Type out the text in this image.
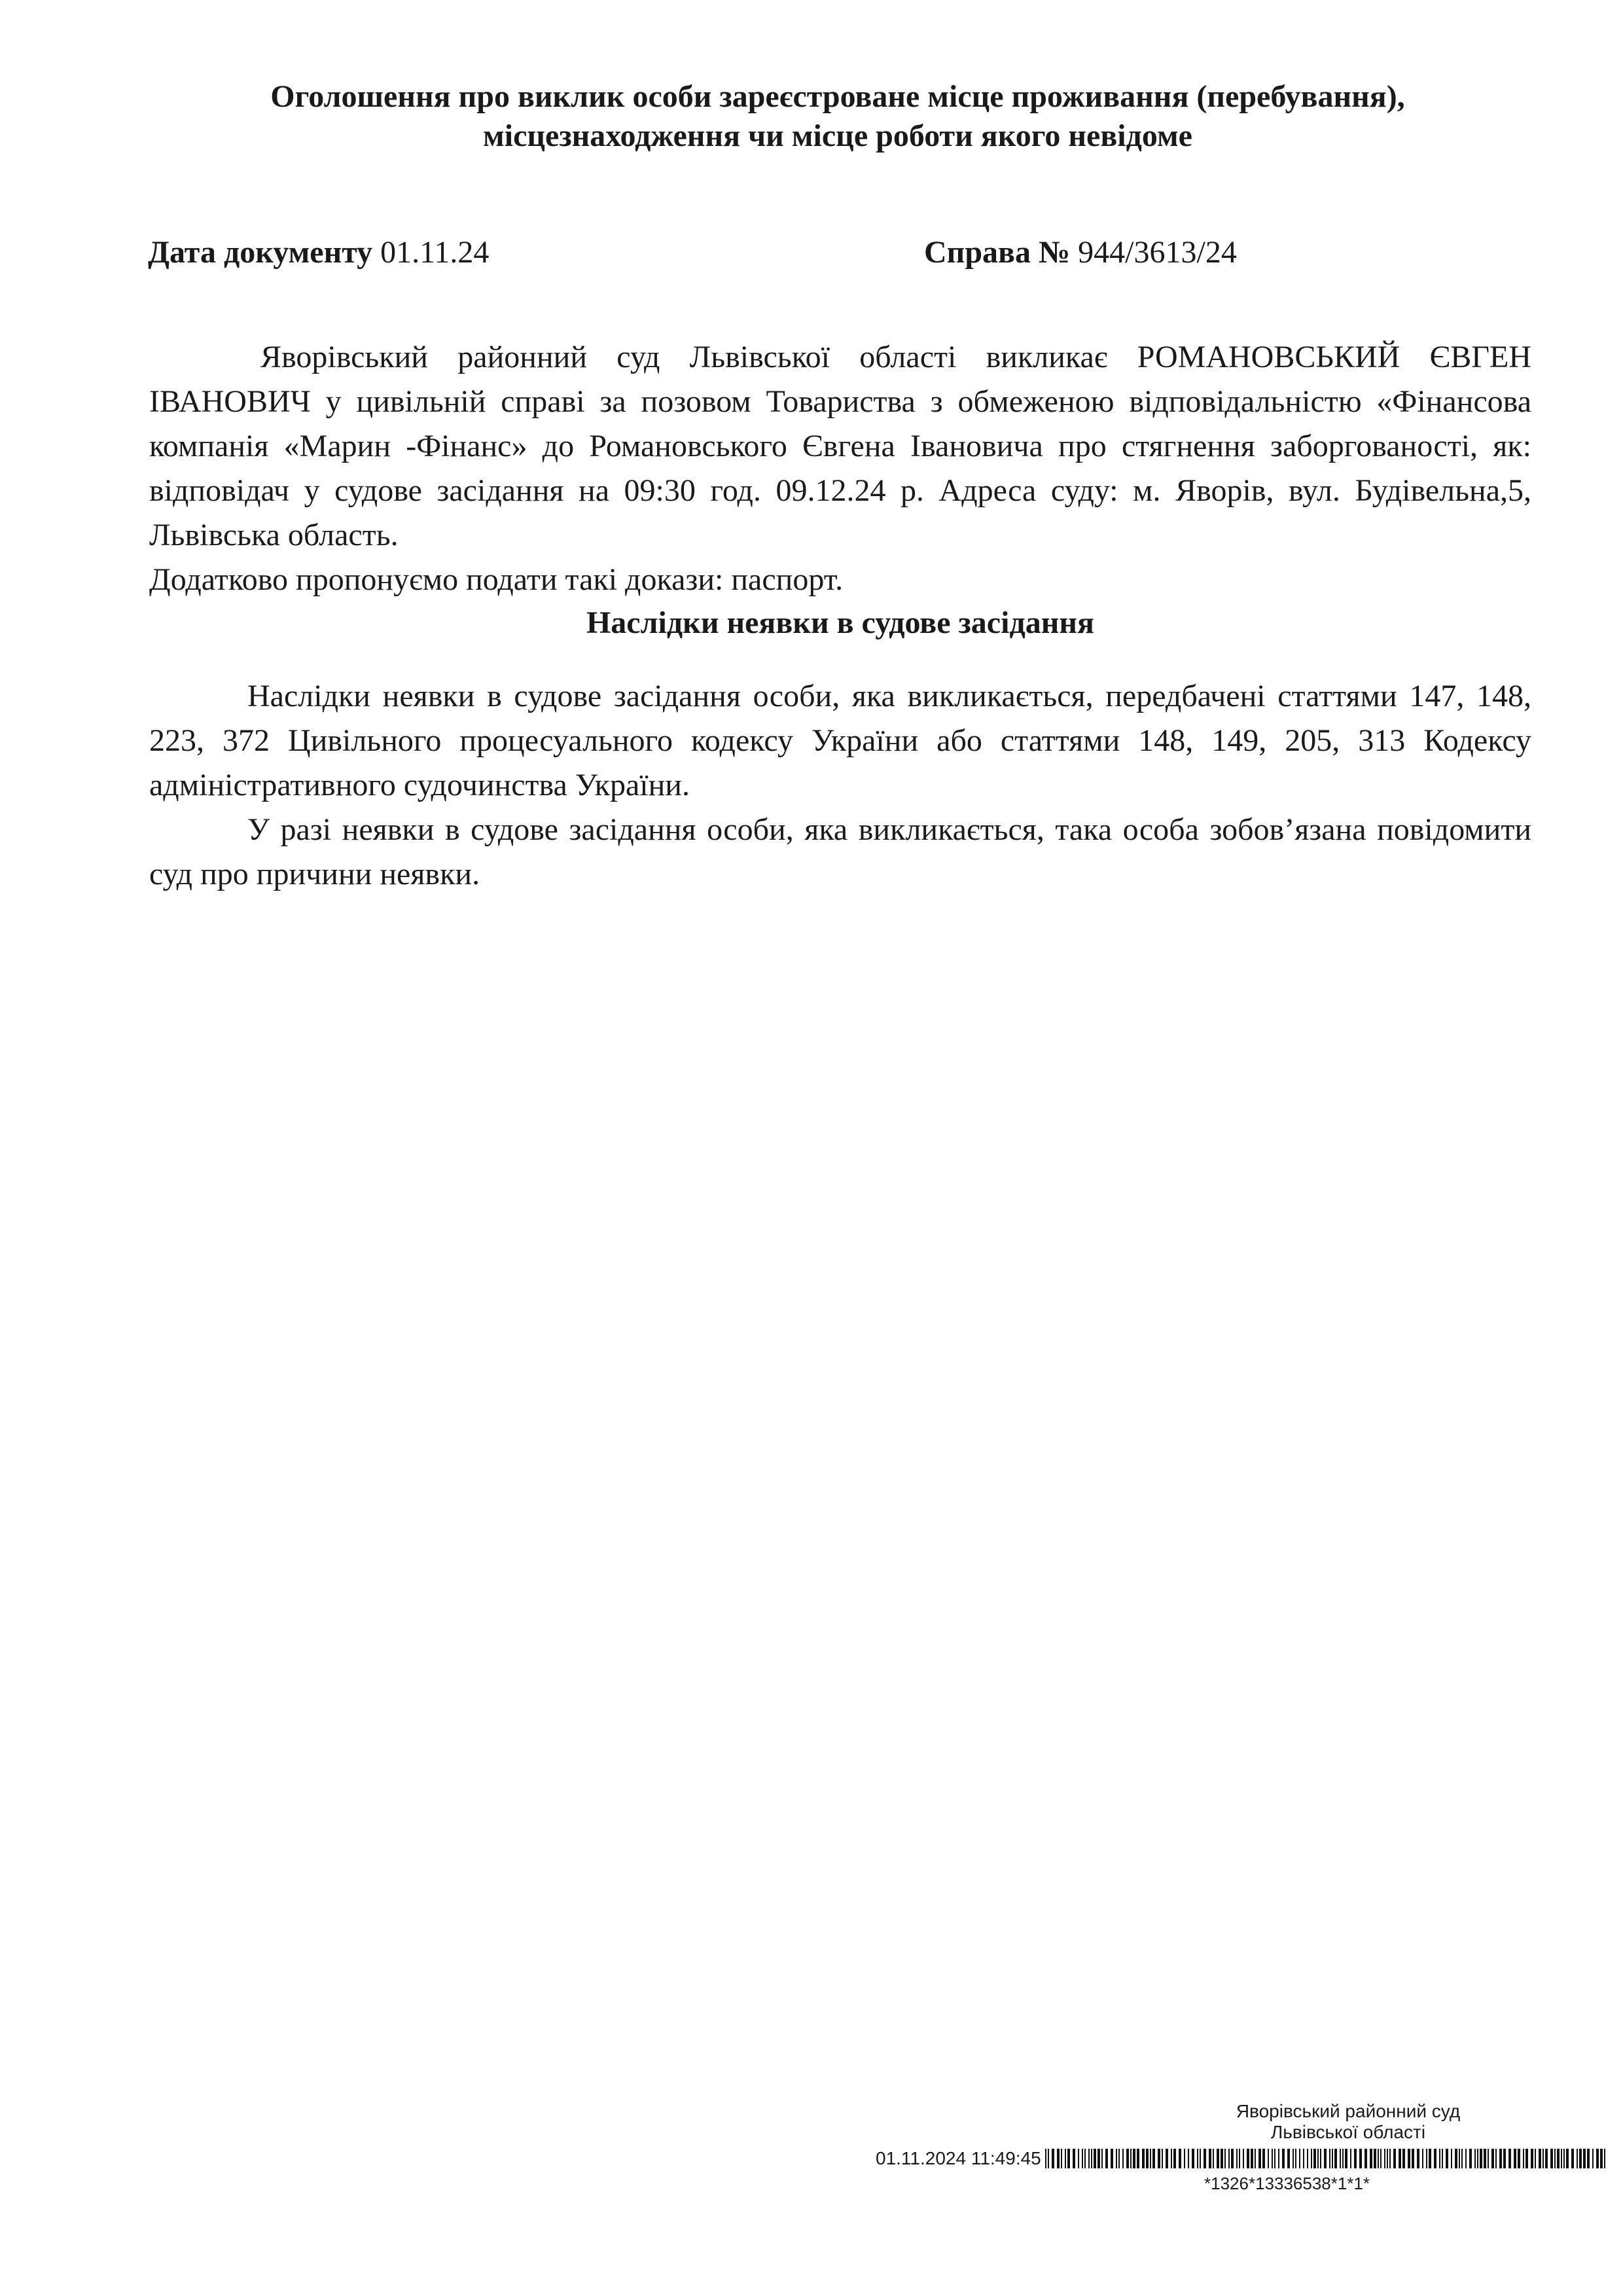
Оголошення про виклик особи зареєстроване місце проживання (перебування),
місцезнаходження чи місце роботи якого невідоме
Дата документу 01.11.24	Справа № 944/3613/24

Яворівський районний суд Львівської області викликає РОМАНОВСЬКИЙ ЄВГЕН ІВАНОВИЧ у цивільній справі за позовом Товариства з обмеженою відповідальністю «Фінансова компанія «Марин -Фінанс» до Романовського Євгена Івановича про стягнення заборгованості, як: відповідач у судове засідання на 09:30 год. 09.12.24 р. Адреса суду: м. Яворів, вул. Будівельна,5, Львівська область.

Додатково пропонуємо подати такі докази: паспорт.

Наслідки неявки в судове засідання

Наслідки неявки в судове засідання особи, яка викликається, передбачені статтями 147, 148, 223, 372 Цивільного процесуального кодексу України або статтями 148, 149, 205, 313 Кодексу адміністративного судочинства України.

У разі неявки в судове засідання особи, яка викликається, така особа зобов’язана повідомити суд про причини неявки.

Яворівський районний суд
Львівської області
01.11.2024 11:49:45
*1326*13336538*1*1*
